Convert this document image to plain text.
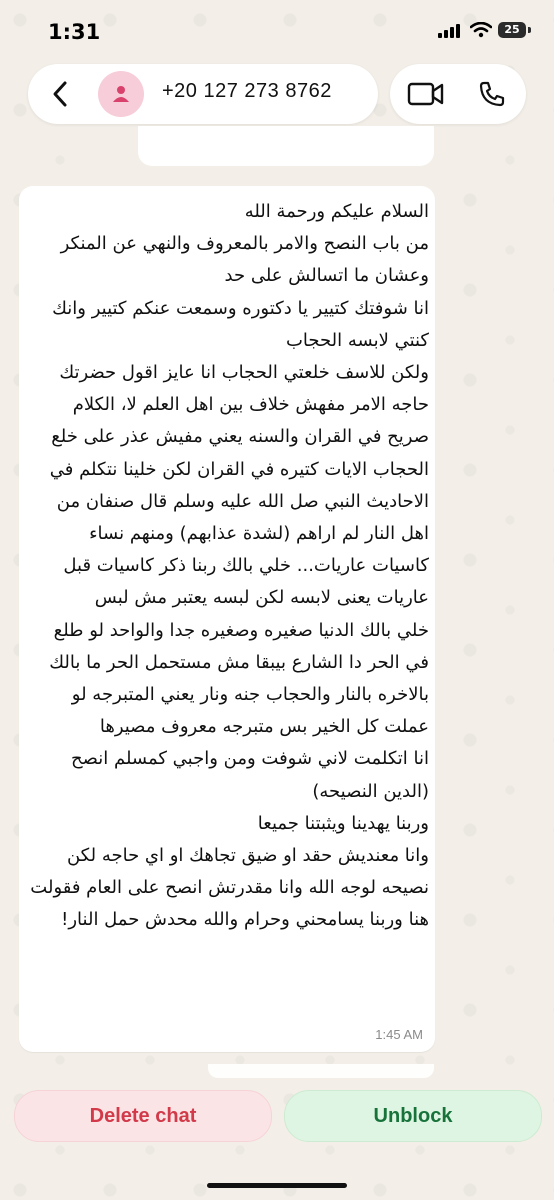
1:31	25
+20 127 273 8762
السلام عليكم ورحمة الله
من باب النصح والامر بالمعروف والنهي عن المنكر وعشان ما اتسالش على حد
انا شوفتك كتيير يا دكتوره وسمعت عنكم كتيير وانك كنتي لابسه الحجاب
ولكن للاسف خلعتي الحجاب انا عايز اقول حضرتك حاجه الامر مفهش خلاف بين اهل العلم لا، الكلام صريح في القران والسنه يعني مفيش عذر على خلع الحجاب الايات كتيره في القران لكن خلينا نتكلم في الاحاديث النبي صل الله عليه وسلم قال صنفان من اهل النار لم اراهم (لشدة عذابهم) ومنهم نساء كاسيات عاريات... خلي بالك ربنا ذكر كاسيات قبل عاريات يعنى لابسه لكن لبسه يعتبر مش لبس
خلي بالك الدنيا صغيره وصغيره جدا والواحد لو طلع في الحر دا الشارع بيبقا مش مستحمل الحر ما بالك بالاخره بالنار والحجاب جنه ونار يعني المتبرجه لو عملت كل الخير بس متبرجه معروف مصيرها
انا اتكلمت لاني شوفت ومن واجبي كمسلم انصح (الدين النصيحه)
وربنا يهدينا ويثبتنا جميعا
وانا معنديش حقد او ضيق تجاهك او اي حاجه لكن نصيحه لوجه الله وانا مقدرتش انصح على العام فقولت هنا وربنا يسامحني وحرام والله محدش حمل النار!
1:45 AM
Delete chat	Unblock
